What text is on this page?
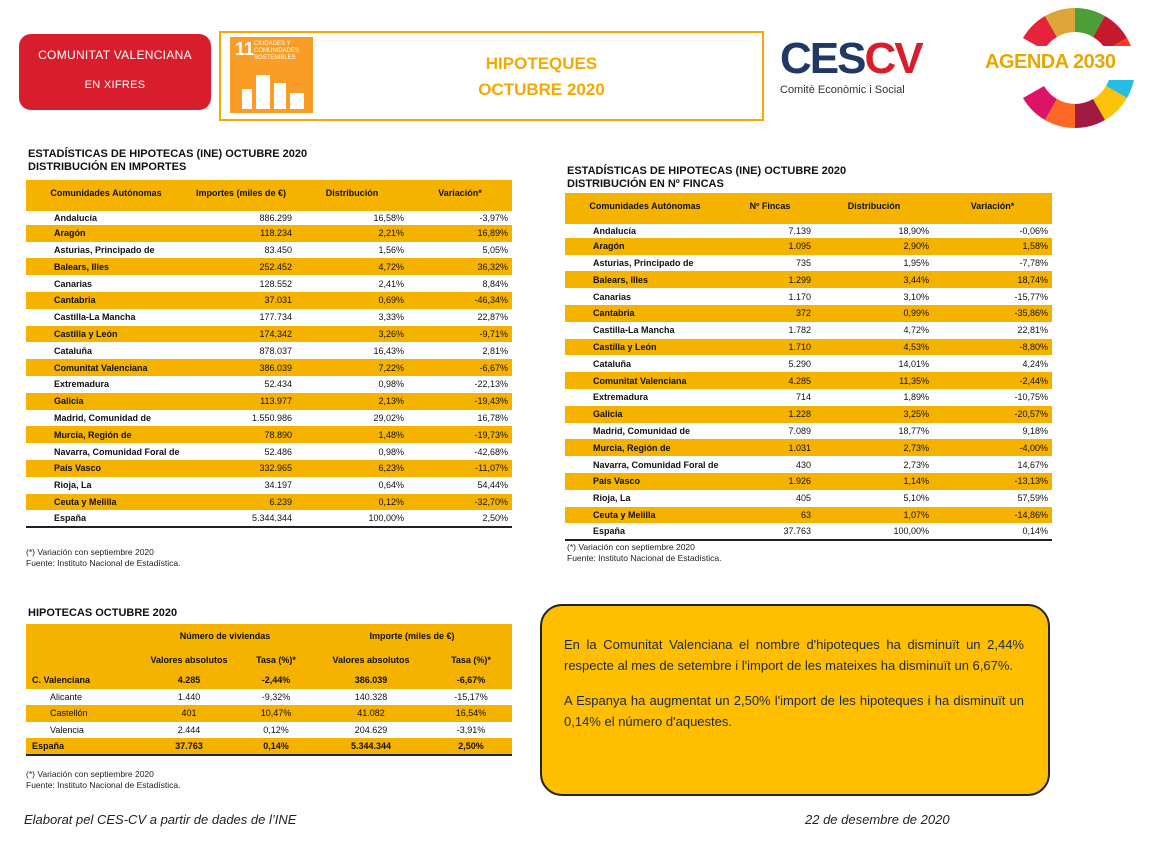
COMUNITAT VALENCIANA
EN XIFRES
11 CIUDADES Y COMUNIDADES SOSTENIBLES	HIPOTEQUES
OCTUBRE 2020
CESCV
Comitè Econòmic i Social
AGENDA 2030
ESTADÍSTICAS DE HIPOTECAS (INE) OCTUBRE 2020
DISTRIBUCIÓN EN IMPORTES
Comunidades Autónomas	Importes (miles de €)	Distribución	Variación*
Andalucía	886.299	16,58%	-3,97%
Aragón	118.234	2,21%	16,89%
Asturias, Principado de	83.450	1,56%	5,05%
Balears, Illes	252.452	4,72%	36,32%
Canarias	128.552	2,41%	8,84%
Cantabria	37.031	0,69%	-46,34%
Castilla-La Mancha	177.734	3,33%	22,87%
Castilla y León	174.342	3,26%	-9,71%
Cataluña	878.037	16,43%	2,81%
Comunitat Valenciana	386.039	7,22%	-6,67%
Extremadura	52.434	0,98%	-22,13%
Galicia	113.977	2,13%	-19,43%
Madrid, Comunidad de	1.550.986	29,02%	16,78%
Murcia, Región de	78.890	1,48%	-19,73%
Navarra, Comunidad Foral de	52.486	0,98%	-42,68%
País Vasco	332.965	6,23%	-11,07%
Rioja, La	34.197	0,64%	54,44%
Ceuta y Melilla	6.239	0,12%	-32,70%
España	5.344.344	100,00%	2,50%
(*) Variación con septiembre 2020
Fuente: Instituto Nacional de Estadística.
ESTADÍSTICAS DE HIPOTECAS (INE) OCTUBRE 2020
DISTRIBUCIÓN EN Nº FINCAS
Comunidades Autónomas	Nº Fincas	Distribución	Variación*
Andalucía	7.139	18,90%	-0,06%
Aragón	1.095	2,90%	1,58%
Asturias, Principado de	735	1,95%	-7,78%
Balears, Illes	1.299	3,44%	18,74%
Canarias	1.170	3,10%	-15,77%
Cantabria	372	0,99%	-35,86%
Castilla-La Mancha	1.782	4,72%	22,81%
Castilla y León	1.710	4,53%	-8,80%
Cataluña	5.290	14,01%	4,24%
Comunitat Valenciana	4.285	11,35%	-2,44%
Extremadura	714	1,89%	-10,75%
Galicia	1.228	3,25%	-20,57%
Madrid, Comunidad de	7.089	18,77%	9,18%
Murcia, Región de	1.031	2,73%	-4,00%
Navarra, Comunidad Foral de	430	2,73%	14,67%
País Vasco	1.926	1,14%	-13,13%
Rioja, La	405	5,10%	57,59%
Ceuta y Melilla	63	1,07%	-14,86%
España	37.763	100,00%	0,14%
(*) Variación con septiembre 2020
Fuente: Instituto Nacional de Estadística.
HIPOTECAS OCTUBRE 2020
	Número de viviendas		Importe (miles de €)	
	Valores absolutos	Tasa (%)*	Valores absolutos	Tasa (%)*
C. Valenciana	4.285	-2,44%	386.039	-6,67%
Alicante	1.440	-9,32%	140.328	-15,17%
Castellón	401	10,47%	41.082	16,54%
Valencia	2.444	0,12%	204.629	-3,91%
España	37.763	0,14%	5.344.344	2,50%
(*) Variación con septiembre 2020
Fuente: Instituto Nacional de Estadística.

En la Comunitat Valenciana el nombre d'hipoteques ha disminuït un 2,44% respecte al mes de setembre i l'import de les mateixes ha disminuït un 6,67%.

A Espanya ha augmentat un 2,50% l'import de les hipoteques i ha disminuït un 0,14% el número d'aquestes.

Elaborat pel CES-CV a partir de dades de l’INE	22 de desembre de 2020
